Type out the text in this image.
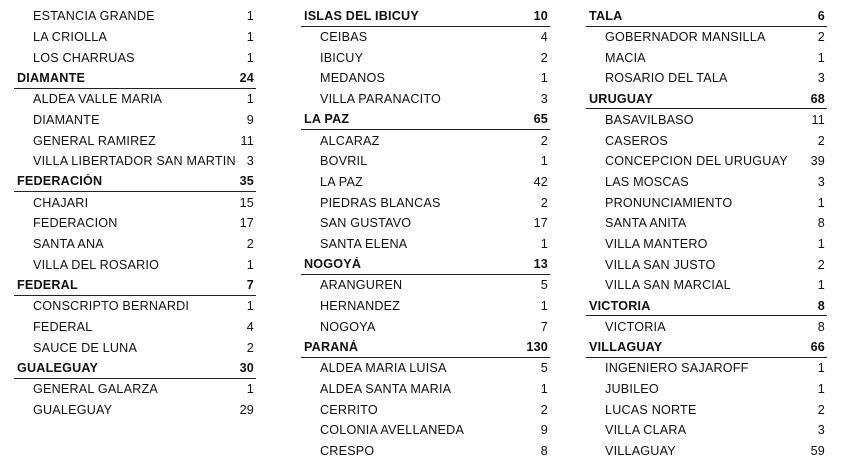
ESTANCIA GRANDE	1
LA CRIOLLA	1
LOS CHARRUAS	1
DIAMANTE	24
ALDEA VALLE MARIA	1
DIAMANTE	9
GENERAL RAMIREZ	11
VILLA LIBERTADOR SAN MARTIN 3
FEDERACIÓN	35
CHAJARI	15
FEDERACION	17
SANTA ANA	2
VILLA DEL ROSARIO	1
FEDERAL	7
CONSCRIPTO BERNARDI	1
FEDERAL	4
SAUCE DE LUNA	2
GUALEGUAY	30
GENERAL GALARZA	1
GUALEGUAY	29
ISLAS DEL IBICUY	10
CEIBAS	4
IBICUY	2
MEDANOS	1
VILLA PARANACITO	3
LA PAZ	65
ALCARAZ	2
BOVRIL	1
LA PAZ	42
PIEDRAS BLANCAS	2
SAN GUSTAVO	17
SANTA ELENA	1
NOGOYÁ	13
ARANGUREN	5
HERNANDEZ	1
NOGOYA	7
PARANÁ	130
ALDEA MARIA LUISA	5
ALDEA SANTA MARIA	1
CERRITO	2
COLONIA AVELLANEDA	9
CRESPO	8
TALA	6
GOBERNADOR MANSILLA	2
MACIA	1
ROSARIO DEL TALA	3
URUGUAY	68
BASAVILBASO	11
CASEROS	2
CONCEPCION DEL URUGUAY 39
LAS MOSCAS	3
PRONUNCIAMIENTO	1
SANTA ANITA	8
VILLA MANTERO	1
VILLA SAN JUSTO	2
VILLA SAN MARCIAL	1
VICTORIA	8
VICTORIA	8
VILLAGUAY	66
INGENIERO SAJAROFF	1
JUBILEO	1
LUCAS NORTE	2
VILLA CLARA	3
VILLAGUAY	59
